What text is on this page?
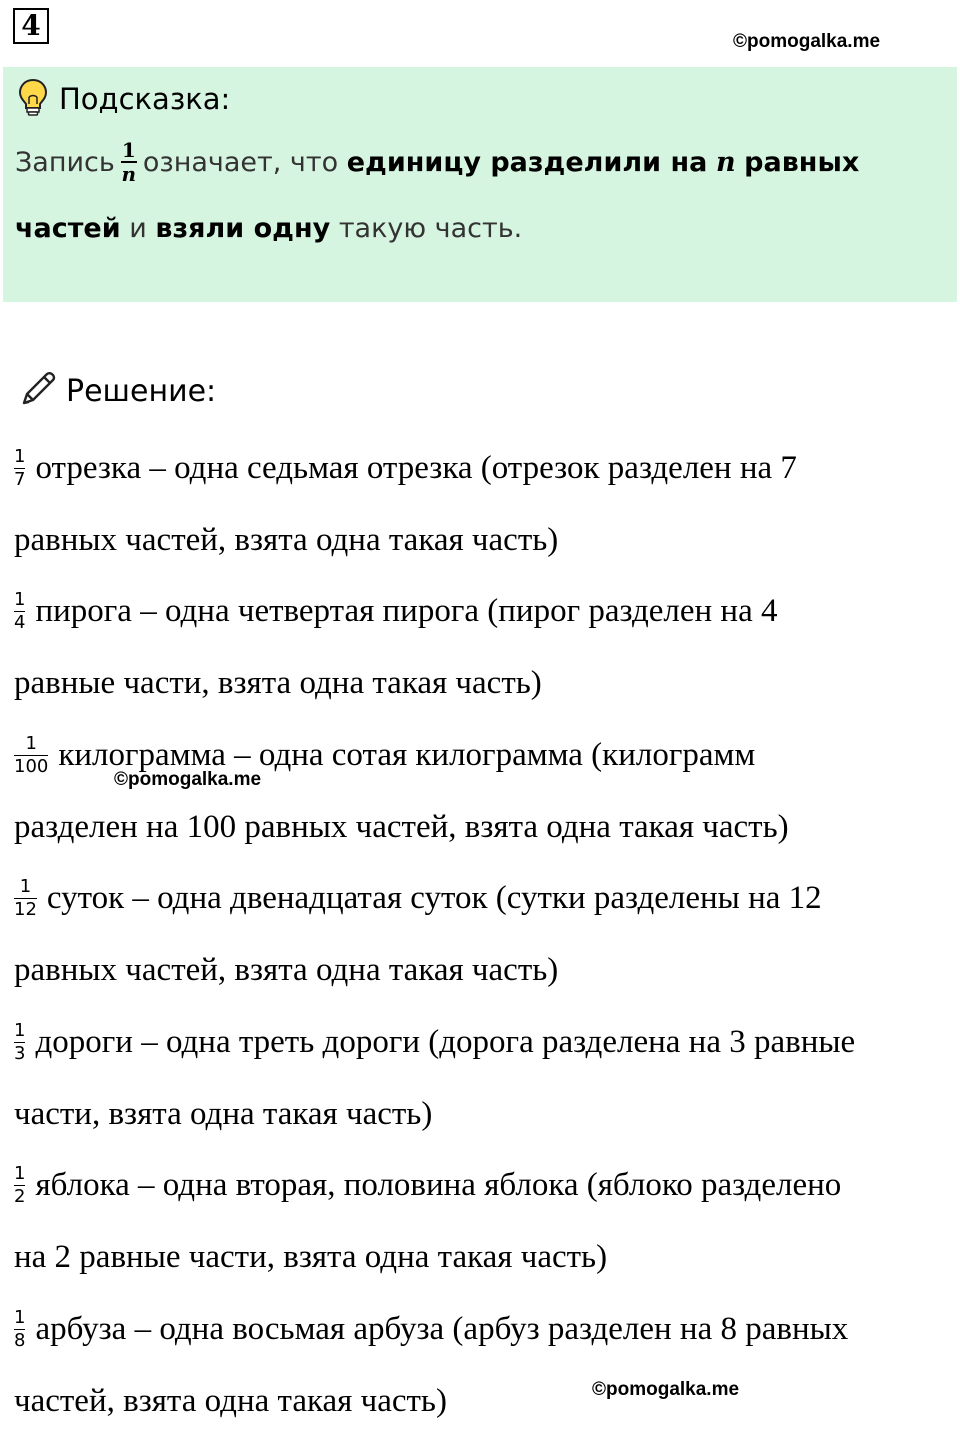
4	©pomogalka.me
Подсказка:
Запись $\frac{1}{n}$ означает, что
единицу разделили на
n
равных
частей и взяли одну такую часть.
Решение:
$\frac{1}{7}$ отрезка – одна седьмая отрезка (отрезок разделен на 7
равных частей, взята одна такая часть)
$\frac{1}{4}$ пирога – одна четвертая пирога (пирог разделен на 4
равные части, взята одна такая часть)
$\frac{1}{100}$ килограмма – одна сотая килограмма (килограмм
разделен на 100 равных частей, взята одна такая часть)
$\frac{1}{12}$ суток – одна двенадцатая суток (сутки разделены на 12
равных частей, взята одна такая часть)
$\frac{1}{3}$ дороги – одна треть дороги (дорога разделена на 3 равные
части, взята одна такая часть)
$\frac{1}{2}$ яблока – одна вторая, половина яблока (яблоко разделено
на 2 равные части, взята одна такая часть)
$\frac{1}{8}$ арбуза – одна восьмая арбуза (арбуз разделен на 8 равных
частей, взята одна такая часть)
©pomogalka.me
©pomogalka.me
